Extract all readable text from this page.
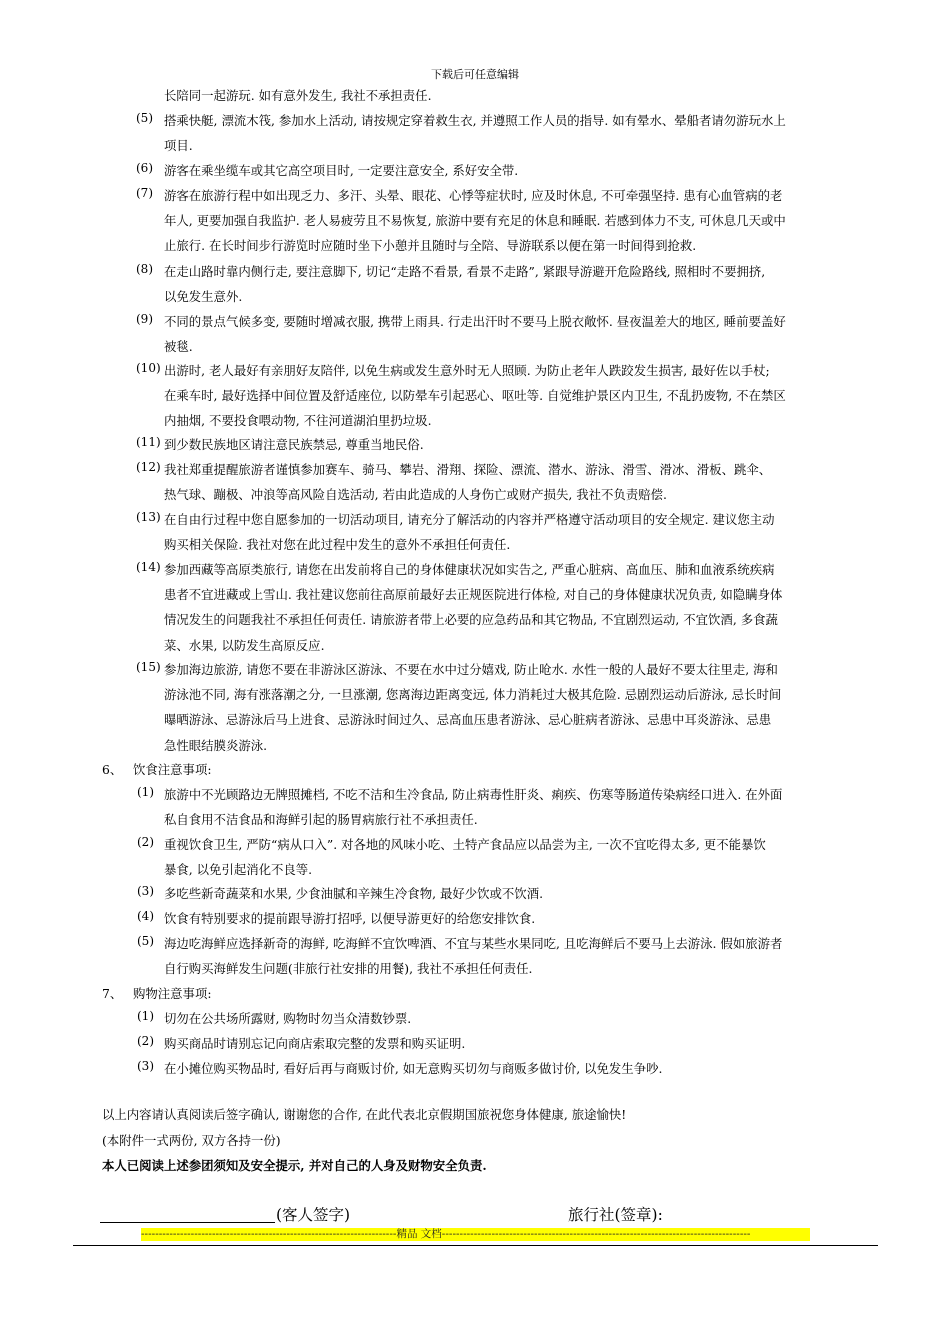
下载后可任意编辑
长陪同一起游玩. 如有意外发生, 我社不承担责任.
(5) 搭乘快艇, 漂流木筏, 参加水上活动, 请按规定穿着救生衣, 并遵照工作人员的指导. 如有晕水、晕船者请勿游玩水上
项目.
(6) 游客在乘坐缆车或其它高空项目时, 一定要注意安全, 系好安全带.
(7) 游客在旅游行程中如出现乏力、多汗、头晕、眼花、心悸等症状时, 应及时休息, 不可牵强坚持. 患有心血管病的老
年人, 更要加强自我监护. 老人易疲劳且不易恢复, 旅游中要有充足的休息和睡眠. 若感到体力不支, 可休息几天或中
止旅行. 在长时间步行游览时应随时坐下小憩并且随时与全陪、导游联系以便在第一时间得到抢救.
(8) 在走山路时靠内侧行走, 要注意脚下, 切记“走路不看景, 看景不走路”, 紧跟导游避开危险路线, 照相时不要拥挤,
以免发生意外.
(9) 不同的景点气候多变, 要随时增减衣服, 携带上雨具. 行走出汗时不要马上脱衣敞怀. 昼夜温差大的地区, 睡前要盖好
被毯.
(10) 出游时, 老人最好有亲朋好友陪伴, 以免生病或发生意外时无人照顾. 为防止老年人跌跤发生损害, 最好佐以手杖;
在乘车时, 最好选择中间位置及舒适座位, 以防晕车引起恶心、呕吐等. 自觉维护景区内卫生, 不乱扔废物, 不在禁区
内抽烟, 不要投食喂动物, 不往河道湖泊里扔垃圾.
(11) 到少数民族地区请注意民族禁忌, 尊重当地民俗.
(12) 我社郑重提醒旅游者谨慎参加赛车、骑马、攀岩、滑翔、探险、漂流、潜水、游泳、滑雪、滑冰、滑板、跳伞、
热气球、蹦极、冲浪等高风险自选活动, 若由此造成的人身伤亡或财产损失, 我社不负责赔偿.
(13) 在自由行过程中您自愿参加的一切活动项目, 请充分了解活动的内容并严格遵守活动项目的安全规定. 建议您主动
购买相关保险. 我社对您在此过程中发生的意外不承担任何责任.
(14) 参加西藏等高原类旅行, 请您在出发前将自己的身体健康状况如实告之, 严重心脏病、高血压、肺和血液系统疾病
患者不宜进藏或上雪山. 我社建议您前往高原前最好去正规医院进行体检, 对自己的身体健康状况负责, 如隐瞒身体
情况发生的问题我社不承担任何责任. 请旅游者带上必要的应急药品和其它物品, 不宜剧烈运动, 不宜饮酒, 多食蔬
菜、水果, 以防发生高原反应.
(15) 参加海边旅游, 请您不要在非游泳区游泳、不要在水中过分嬉戏, 防止呛水. 水性一般的人最好不要太往里走, 海和
游泳池不同, 海有涨落潮之分, 一旦涨潮, 您离海边距离变远, 体力消耗过大极其危险. 忌剧烈运动后游泳, 忌长时间
曝晒游泳、忌游泳后马上进食、忌游泳时间过久、忌高血压患者游泳、忌心脏病者游泳、忌患中耳炎游泳、忌患
急性眼结膜炎游泳.
6、 饮食注意事项:
(1) 旅游中不光顾路边无牌照摊档, 不吃不洁和生冷食品, 防止病毒性肝炎、痢疾、伤寒等肠道传染病经口进入. 在外面
私自食用不洁食品和海鲜引起的肠胃病旅行社不承担责任.
(2) 重视饮食卫生, 严防“病从口入”. 对各地的风味小吃、土特产食品应以品尝为主, 一次不宜吃得太多, 更不能暴饮
暴食, 以免引起消化不良等.
(3) 多吃些新奇蔬菜和水果, 少食油腻和辛辣生冷食物, 最好少饮或不饮酒.
(4) 饮食有特别要求的提前跟导游打招呼, 以便导游更好的给您安排饮食.
(5) 海边吃海鲜应选择新奇的海鲜, 吃海鲜不宜饮啤酒、不宜与某些水果同吃, 且吃海鲜后不要马上去游泳. 假如旅游者
自行购买海鲜发生问题(非旅行社安排的用餐), 我社不承担任何责任.
7、 购物注意事项:
(1) 切勿在公共场所露财, 购物时勿当众清数钞票.
(2) 购买商品时请别忘记向商店索取完整的发票和购买证明.
(3) 在小摊位购买物品时, 看好后再与商贩讨价, 如无意购买切勿与商贩多做讨价, 以免发生争吵.
以上内容请认真阅读后签字确认, 谢谢您的合作, 在此代表北京假期国旅祝您身体健康, 旅途愉快!
(本附件一式两份, 双方各持一份)
本人已阅读上述参团须知及安全提示, 并对自己的人身及财物安全负责.
(客人签字)	旅行社(签章):
------------------------------------------------------------------------精品 文档---------------------------------------------------------------------------------------
